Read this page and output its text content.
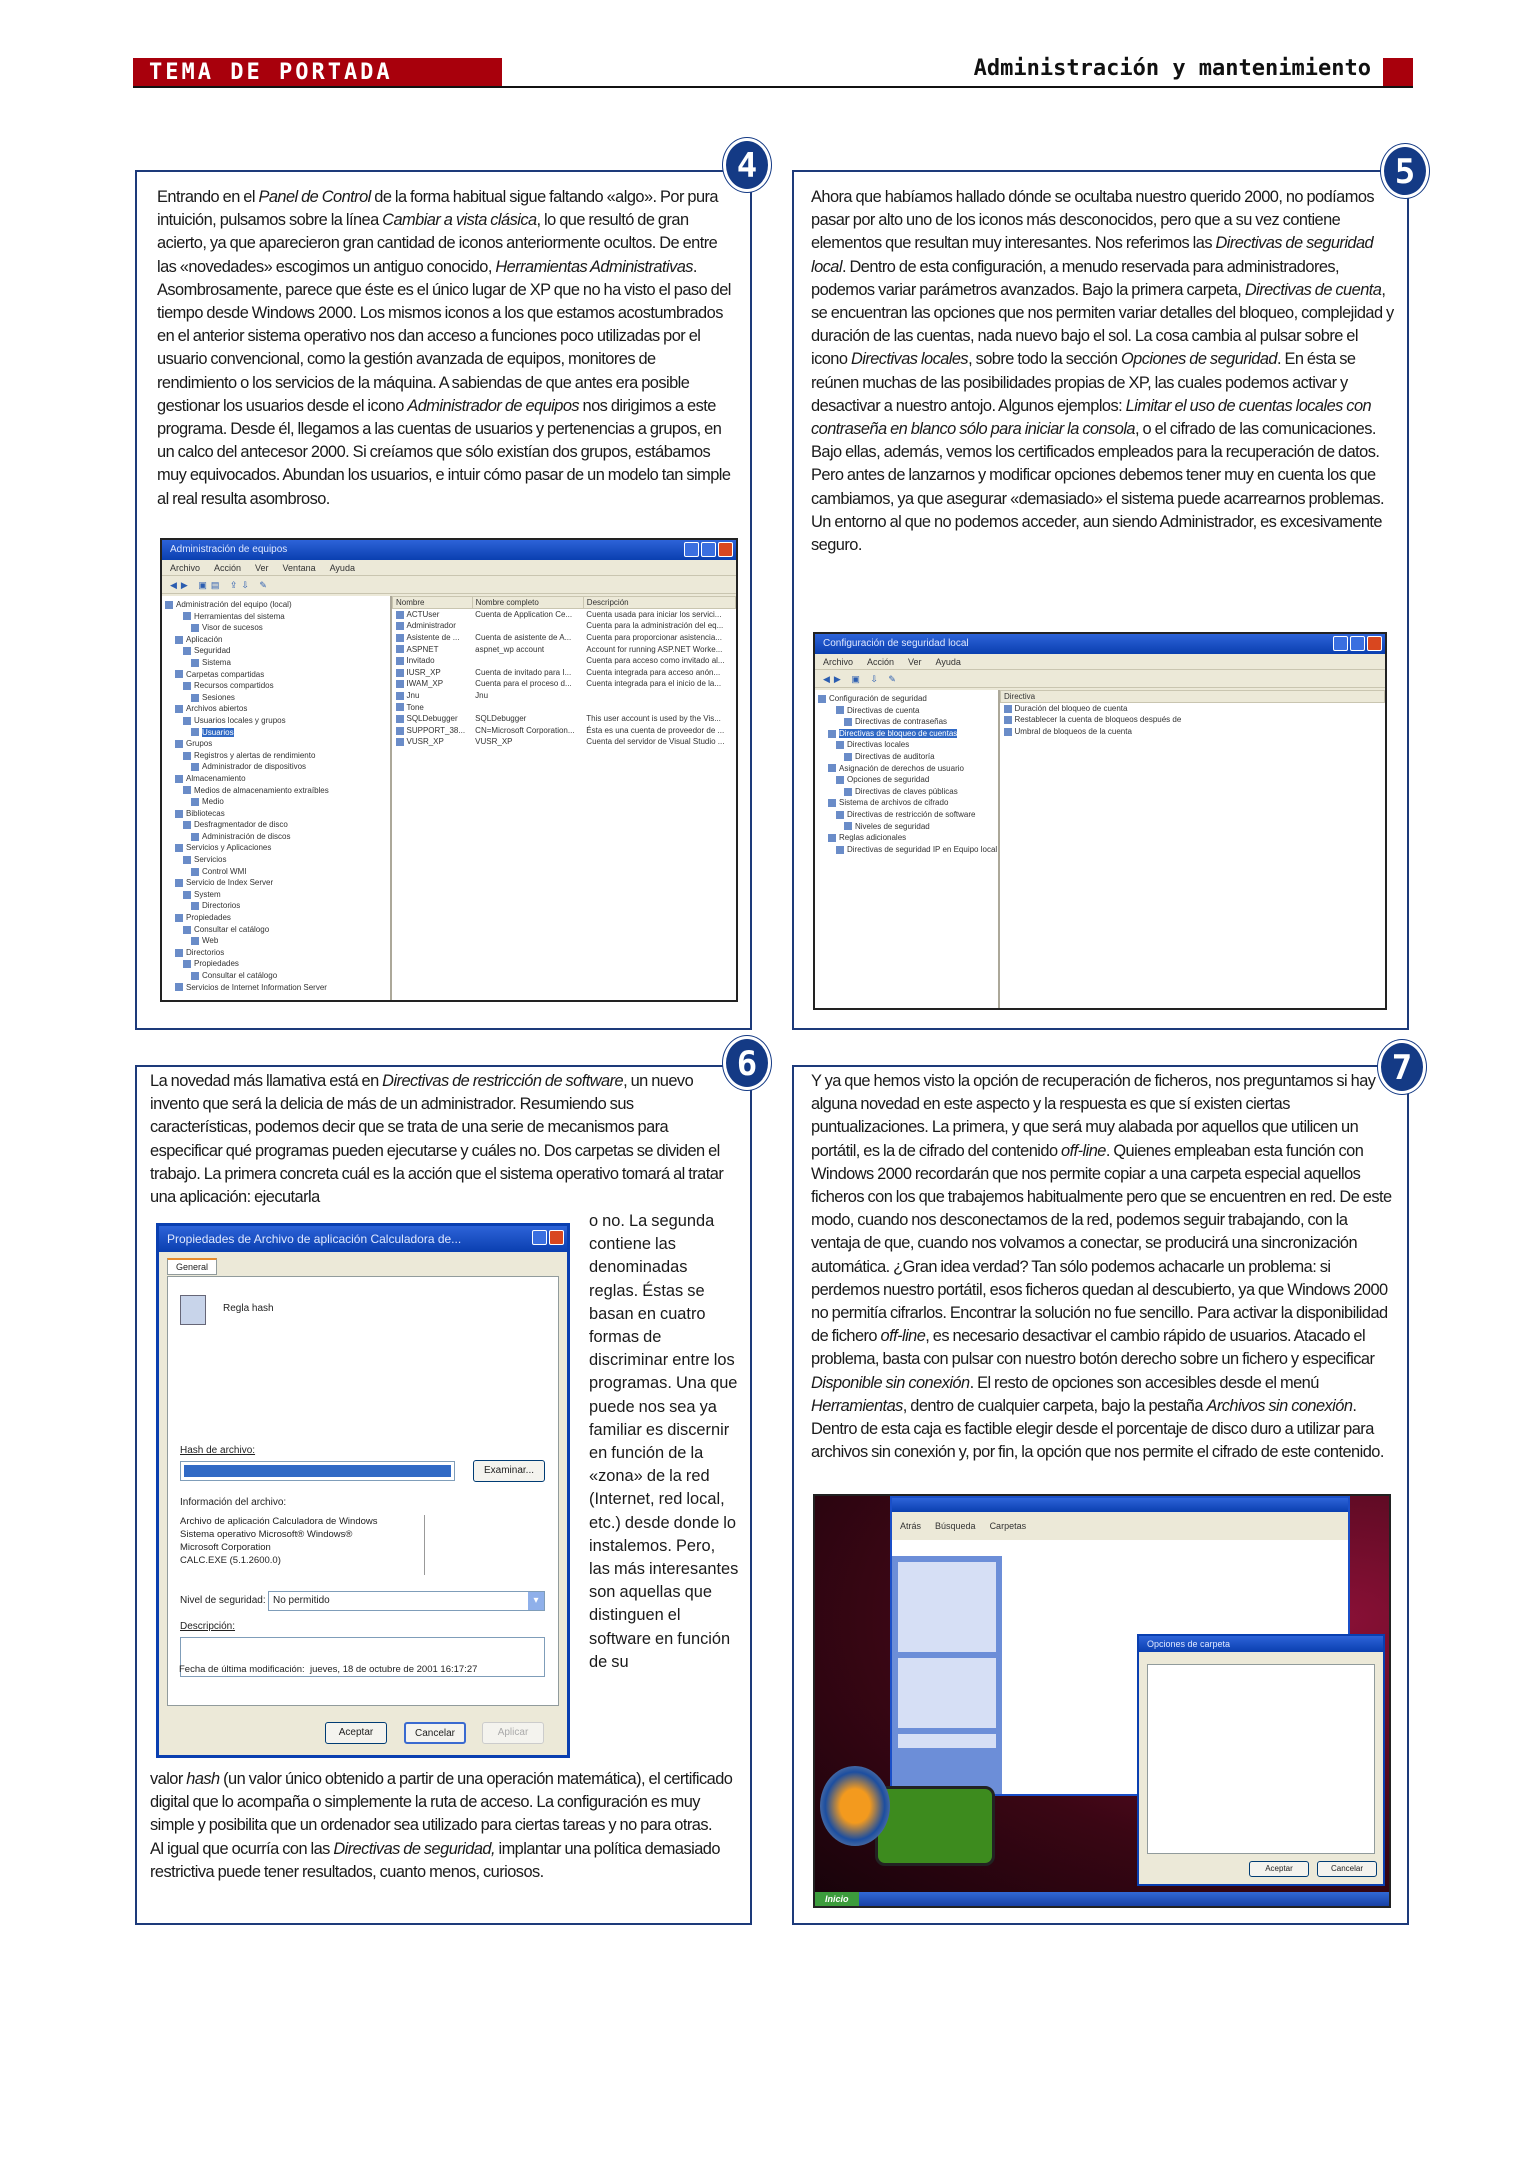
TEMA DE PORTADA	Administración y mantenimiento
4

Entrando en el Panel de Control de la forma habitual sigue faltando «algo». Por pura intuición, pulsamos sobre la línea Cambiar a vista clásica, lo que resultó de gran acierto, ya que aparecieron gran cantidad de iconos anteriormente ocultos. De entre las «novedades» escogimos un antiguo conocido, Herramientas Administrativas. Asombrosamente, parece que éste es el único lugar de XP que no ha visto el paso del tiempo desde Windows 2000. Los mismos iconos a los que estamos acostumbrados en el anterior sistema operativo nos dan acceso a funciones poco utilizadas por el usuario convencional, como la gestión avanzada de equipos, monitores de rendimiento o los servicios de la máquina. A sabiendas de que antes era posible gestionar los usuarios desde el icono Administrador de equipos nos dirigimos a este programa. Desde él, llegamos a las cuentas de usuarios y pertenencias a grupos, en un calco del antecesor 2000. Si creíamos que sólo existían dos grupos, estábamos muy equivocados. Abundan los usuarios, e intuir cómo pasar de un modelo tan simple al real resulta asombroso.

Administración de equipos
Archivo Acción Ver Ventana Ayuda
◀▶ ▣▤ ⇪⇩ ✎
Administración del equipo (local)
Herramientas del sistema
Visor de sucesos
Aplicación
Seguridad
Sistema
Carpetas compartidas
Recursos compartidos
Sesiones
Archivos abiertos
Usuarios locales y grupos
Usuarios
Grupos
Registros y alertas de rendimiento
Administrador de dispositivos
Almacenamiento
Medios de almacenamiento extraíbles
Medio
Bibliotecas
Desfragmentador de disco
Administración de discos
Servicios y Aplicaciones
Servicios
Control WMI
Servicio de Index Server
System
Directorios
Propiedades
Consultar el catálogo
Web
Directorios
Propiedades
Consultar el catálogo
Servicios de Internet Information Server
Nombre	Nombre completo	Descripción
ACTUser	Cuenta de Application Ce...	Cuenta usada para iniciar los servici...
Administrador		Cuenta para la administración del eq...
Asistente de ...	Cuenta de asistente de A...	Cuenta para proporcionar asistencia...
ASPNET	aspnet_wp account	Account for running ASP.NET Worke...
Invitado		Cuenta para acceso como invitado al...
IUSR_XP	Cuenta de invitado para I...	Cuenta integrada para acceso anón...
IWAM_XP	Cuenta para el proceso d...	Cuenta integrada para el inicio de la...
Jnu	Jnu	
Tone		
SQLDebugger	SQLDebugger	This user account is used by the Vis...
SUPPORT_38...	CN=Microsoft Corporation...	Ésta es una cuenta de proveedor de ...
VUSR_XP	VUSR_XP	Cuenta del servidor de Visual Studio ...
5

Ahora que habíamos hallado dónde se ocultaba nuestro querido 2000, no podíamos pasar por alto uno de los iconos más desconocidos, pero que a su vez contiene elementos que resultan muy interesantes. Nos referimos las Directivas de seguridad local. Dentro de esta configuración, a menudo reservada para administradores, podemos variar parámetros avanzados. Bajo la primera carpeta, Directivas de cuenta, se encuentran las opciones que nos permiten variar detalles del bloqueo, complejidad y duración de las cuentas, nada nuevo bajo el sol. La cosa cambia al pulsar sobre el icono Directivas locales, sobre todo la sección Opciones de seguridad. En ésta se reúnen muchas de las posibilidades propias de XP, las cuales podemos activar y desactivar a nuestro antojo. Algunos ejemplos: Limitar el uso de cuentas locales con contraseña en blanco sólo para iniciar la consola, o el cifrado de las comunicaciones. Bajo ellas, además, vemos los certificados empleados para la recuperación de datos.

Pero antes de lanzarnos y modificar opciones debemos tener muy en cuenta los que cambiamos, ya que asegurar «demasiado» el sistema puede acarrearnos problemas. Un entorno al que no podemos acceder, aun siendo Administrador, es excesivamente seguro.

Configuración de seguridad local
Archivo Acción Ver Ayuda
◀▶ ▣ ⇩ ✎
Configuración de seguridad
Directivas de cuenta
Directivas de contraseñas
Directivas de bloqueo de cuentas
Directivas locales
Directivas de auditoría
Asignación de derechos de usuario
Opciones de seguridad
Directivas de claves públicas
Sistema de archivos de cifrado
Directivas de restricción de software
Niveles de seguridad
Reglas adicionales
Directivas de seguridad IP en Equipo local
Directiva
Duración del bloqueo de cuenta
Restablecer la cuenta de bloqueos después de
Umbral de bloqueos de la cuenta
6

La novedad más llamativa está en Directivas de restricción de software, un nuevo invento que será la delicia de más de un administrador. Resumiendo sus características, podemos decir que se trata de una serie de mecanismos para especificar qué programas pueden ejecutarse y cuáles no. Dos carpetas se dividen el trabajo. La primera concreta cuál es la acción que el sistema operativo tomará al tratar una aplicación: ejecutarla

o no. La segunda contiene las denominadas reglas. Éstas se basan en cuatro formas de discriminar entre los programas. Una que puede nos sea ya familiar es discernir en función de la «zona» de la red (Internet, red local, etc.) desde donde lo instalemos. Pero, las más interesantes son aquellas que distinguen el software en función de su

valor hash (un valor único obtenido a partir de una operación matemática), el certificado digital que lo acompaña o simplemente la ruta de acceso. La configuración es muy simple y posibilita que un ordenador sea utilizado para ciertas tareas y no para otras.

Al igual que ocurría con las Directivas de seguridad, implantar una política demasiado restrictiva puede tener resultados, cuanto menos, curiosos.

Propiedades de Archivo de aplicación Calculadora de...
General
Regla hash
Hash de archivo:
Examinar...
Información del archivo:
Archivo de aplicación Calculadora de Windows
Sistema operativo Microsoft® Windows®
Microsoft Corporation
CALC.EXE (5.1.2600.0)
Nivel de seguridad: No permitido	▾
Descripción:
Fecha de última modificación: jueves, 18 de octubre de 2001 16:17:27
Aceptar	Cancelar	Aplicar
7

Y ya que hemos visto la opción de recuperación de ficheros, nos preguntamos si hay alguna novedad en este aspecto y la respuesta es que sí existen ciertas puntualizaciones. La primera, y que será muy alabada por aquellos que utilicen un portátil, es la de cifrado del contenido off-line. Quienes empleaban esta función con Windows 2000 recordarán que nos permite copiar a una carpeta especial aquellos ficheros con los que trabajemos habitualmente pero que se encuentren en red. De este modo, cuando nos desconectamos de la red, podemos seguir trabajando, con la ventaja de que, cuando nos volvamos a conectar, se producirá una sincronización automática. ¿Gran idea verdad? Tan sólo podemos achacarle un problema: si perdemos nuestro portátil, esos ficheros quedan al descubierto, ya que Windows 2000 no permitía cifrarlos. Encontrar la solución no fue sencillo. Para activar la disponibilidad de fichero off-line, es necesario desactivar el cambio rápido de usuarios. Atacado el problema, basta con pulsar con nuestro botón derecho sobre un fichero y especificar Disponible sin conexión. El resto de opciones son accesibles desde el menú Herramientas, dentro de cualquier carpeta, bajo la pestaña Archivos sin conexión. Dentro de esta caja es factible elegir desde el porcentaje de disco duro a utilizar para archivos sin conexión y, por fin, la opción que nos permite el cifrado de este contenido.

Atrás Búsqueda Carpetas
Opciones de carpeta
Aceptar	Cancelar
Inicio
